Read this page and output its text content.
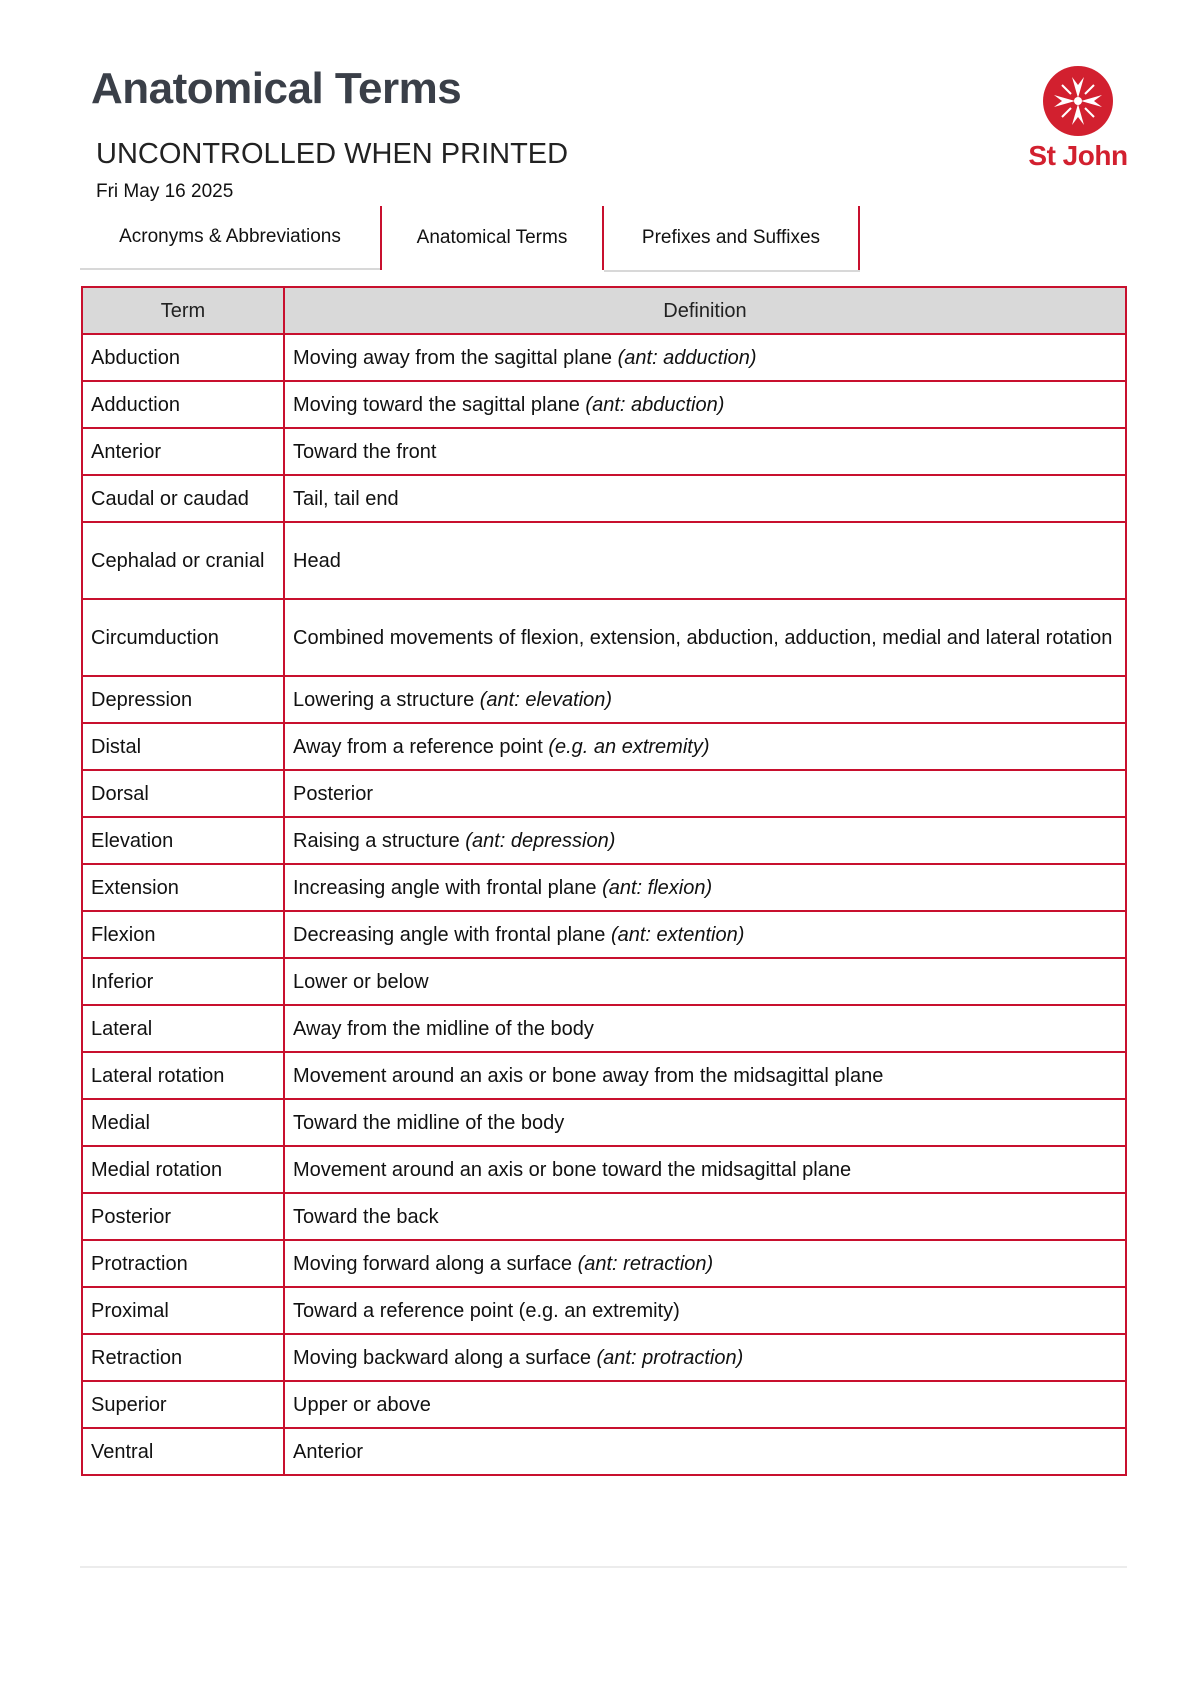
Anatomical Terms
UNCONTROLLED WHEN PRINTED
Fri May 16 2025
St John
Acronyms & Abbreviations	Anatomical Terms	Prefixes and Suffixes
Term	Definition
Abduction	Moving away from the sagittal plane (ant: adduction)
Adduction	Moving toward the sagittal plane (ant: abduction)
Anterior	Toward the front
Caudal or caudad	Tail, tail end
Cephalad or cranial	Head
Circumduction	Combined movements of flexion, extension, abduction, adduction, medial and lateral rotation
Depression	Lowering a structure (ant: elevation)
Distal	Away from a reference point (e.g. an extremity)
Dorsal	Posterior
Elevation	Raising a structure (ant: depression)
Extension	Increasing angle with frontal plane (ant: flexion)
Flexion	Decreasing angle with frontal plane (ant: extention)
Inferior	Lower or below
Lateral	Away from the midline of the body
Lateral rotation	Movement around an axis or bone away from the midsagittal plane
Medial	Toward the midline of the body
Medial rotation	Movement around an axis or bone toward the midsagittal plane
Posterior	Toward the back
Protraction	Moving forward along a surface (ant: retraction)
Proximal	Toward a reference point (e.g. an extremity)
Retraction	Moving backward along a surface (ant: protraction)
Superior	Upper or above
Ventral	Anterior
